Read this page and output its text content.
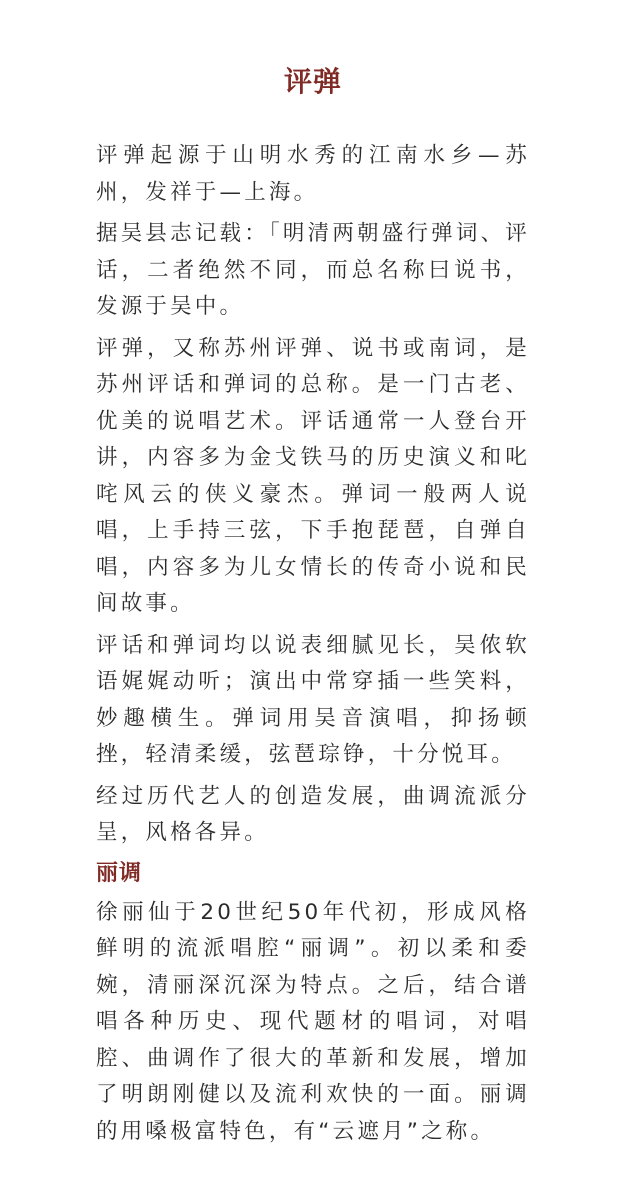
评弹

评弹起源于山明水秀的江南水乡—苏州，发祥于—上海。

据吴县志记载：「明清两朝盛行弹词、评话，二者绝然不同，而总名称曰说书，发源于吴中。

评弹，又称苏州评弹、说书或南词，是苏州评话和弹词的总称。是一门古老、优美的说唱艺术。评话通常一人登台开讲，内容多为金戈铁马的历史演义和叱咤风云的侠义豪杰。弹词一般两人说唱，上手持三弦，下手抱琵琶，自弹自唱，内容多为儿女情长的传奇小说和民间故事。

评话和弹词均以说表细腻见长，吴侬软语娓娓动听；演出中常穿插一些笑料，妙趣横生。弹词用吴音演唱，抑扬顿挫，轻清柔缓，弦琶琮铮，十分悦耳。

经过历代艺人的创造发展，曲调流派分呈，风格各异。

丽调

徐丽仙于20世纪50年代初，形成风格鲜明的流派唱腔“丽调”。初以柔和委婉，清丽深沉深为特点。之后，结合谱唱各种历史、现代题材的唱词，对唱腔、曲调作了很大的革新和发展，增加了明朗刚健以及流利欢快的一面。丽调的用嗓极富特色，有“云遮月”之称。
